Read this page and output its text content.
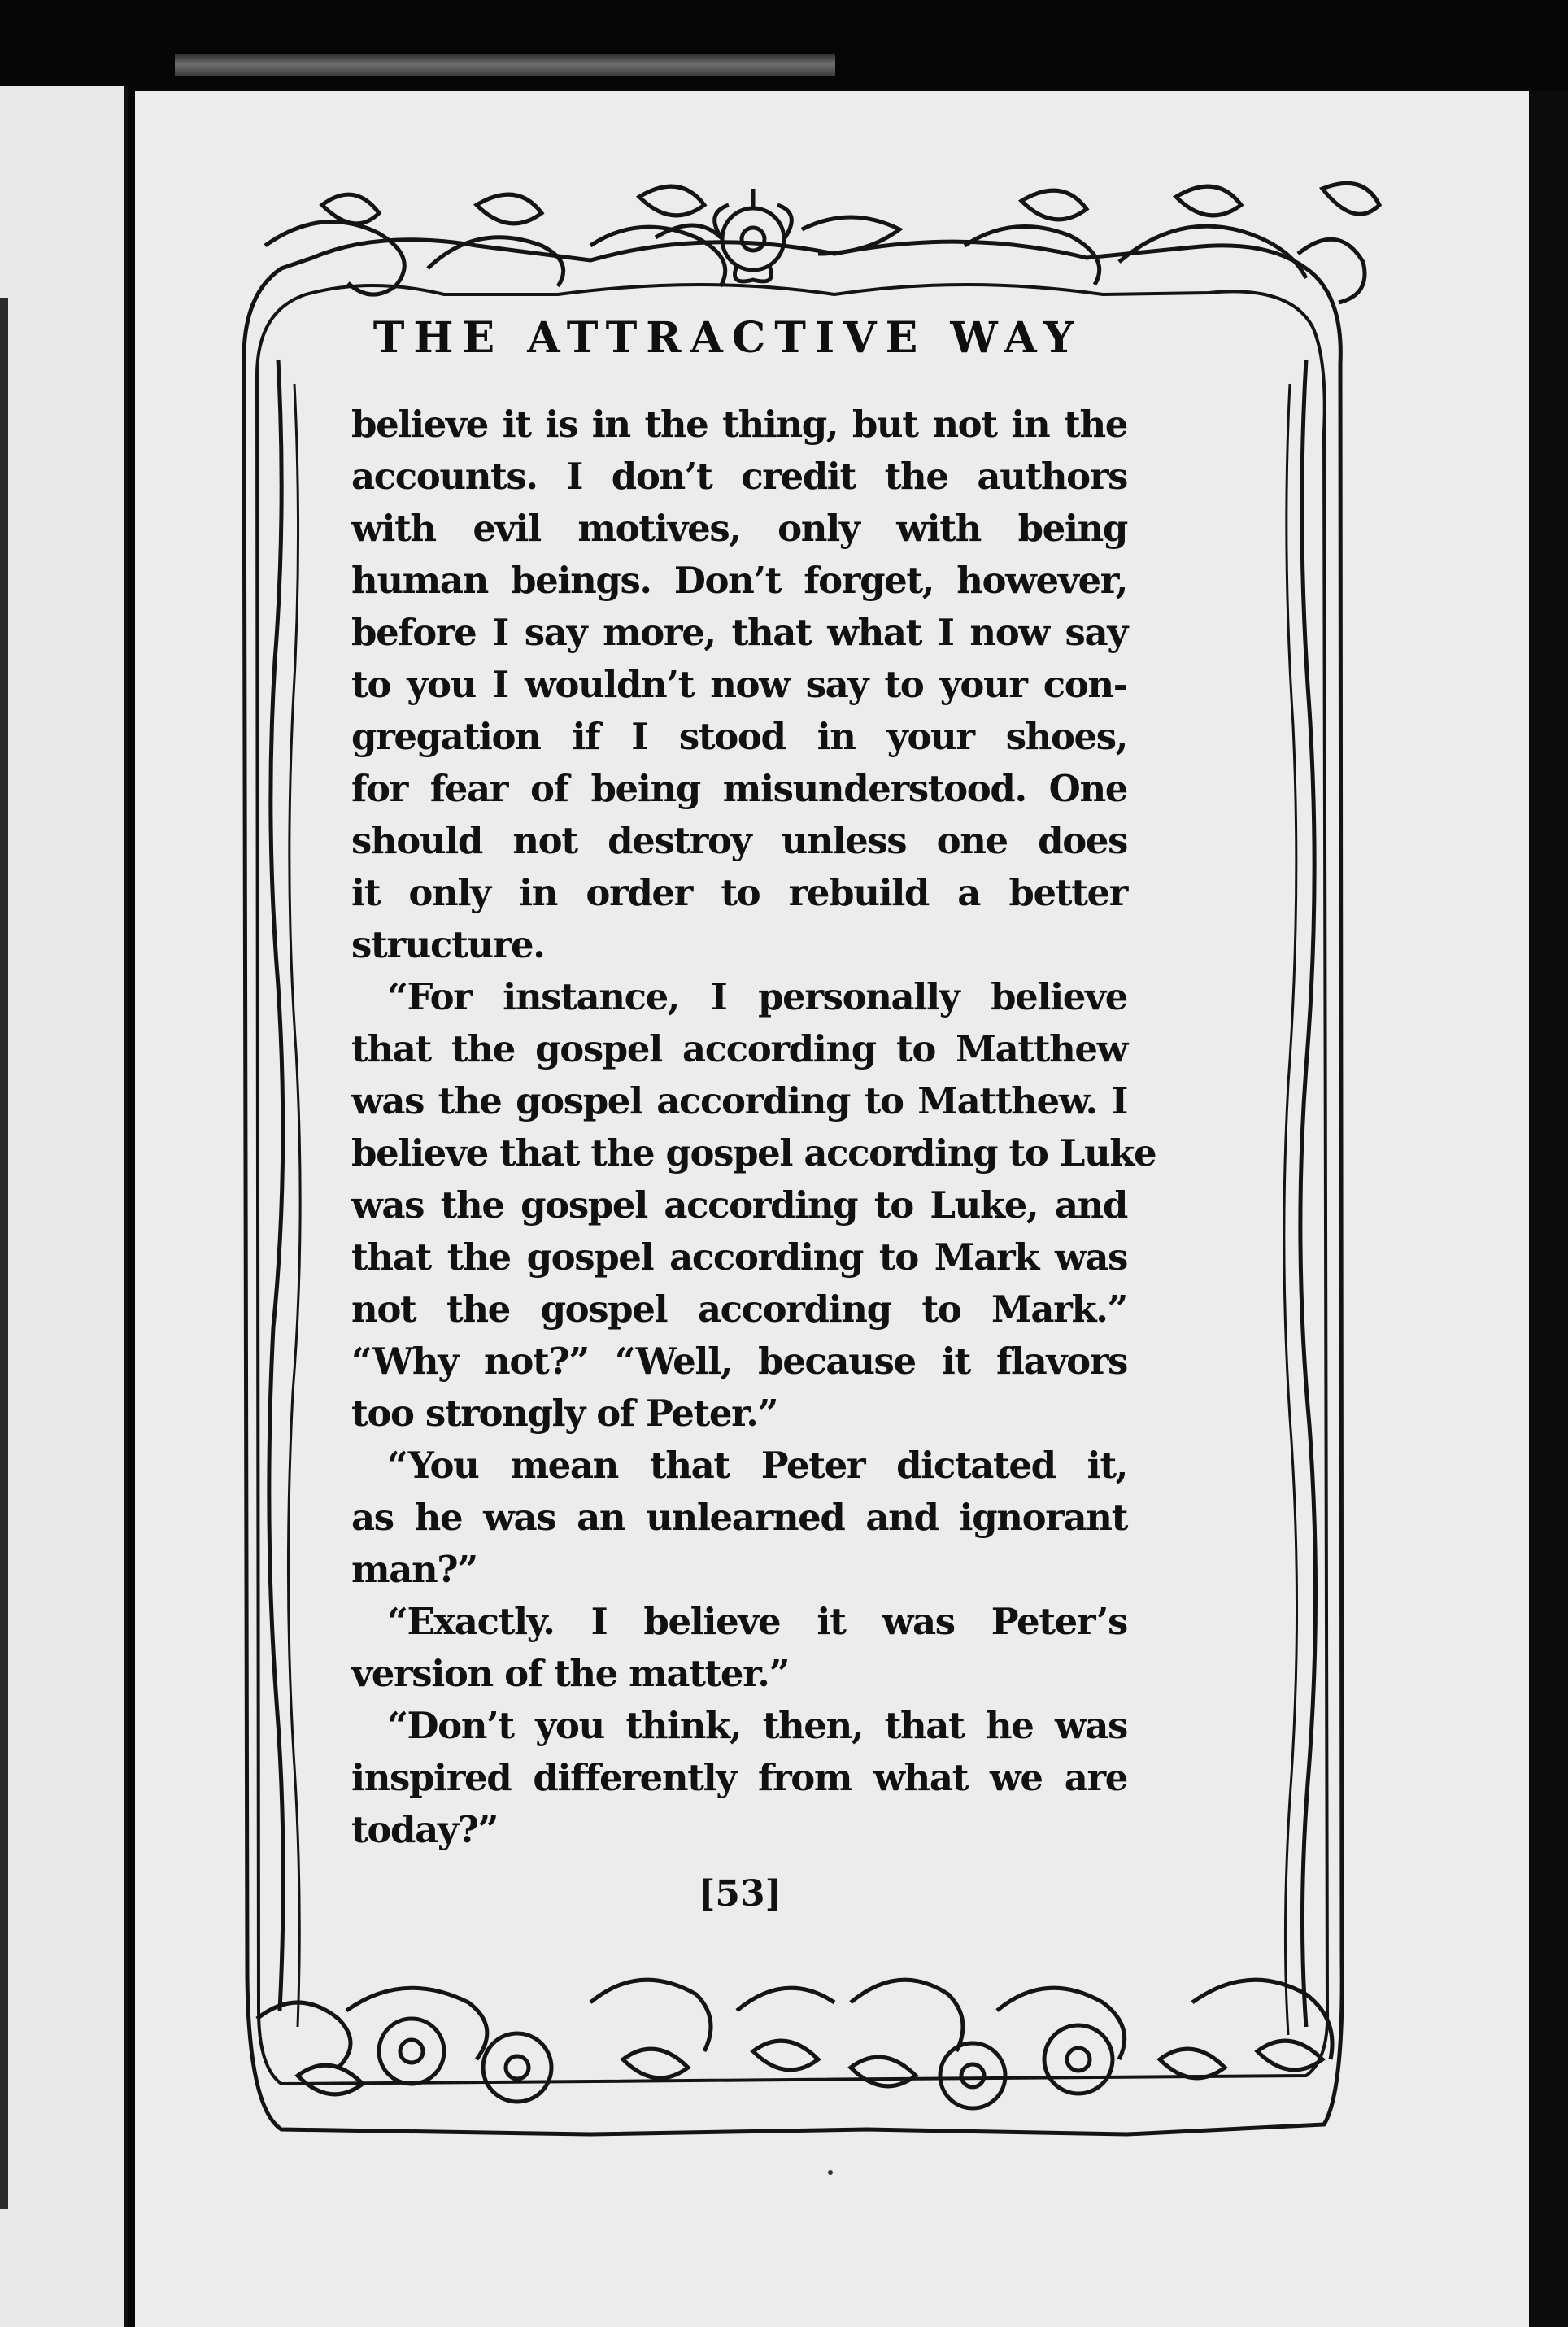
THE ATTRACTIVE WAY
believe it is in the thing, but not in the
accounts. I don’t credit the authors
with evil motives, only with being
human beings. Don’t forget, however,
before I say more, that what I now say
to you I wouldn’t now say to your con-
gregation if I stood in your shoes,
for fear of being misunderstood. One
should not destroy unless one does
it only in order to rebuild a better
structure.
“For instance, I personally believe
that the gospel according to Matthew
was the gospel according to Matthew. I
believe that the gospel according to Luke
was the gospel according to Luke, and
that the gospel according to Mark was
not the gospel according to Mark.”
“Why not?” “Well, because it flavors
too strongly of Peter.”
“You mean that Peter dictated it,
as he was an unlearned and ignorant
man?”
“Exactly. I believe it was Peter’s
version of the matter.”
“Don’t you think, then, that he was
inspired differently from what we are
today?”
[53]
